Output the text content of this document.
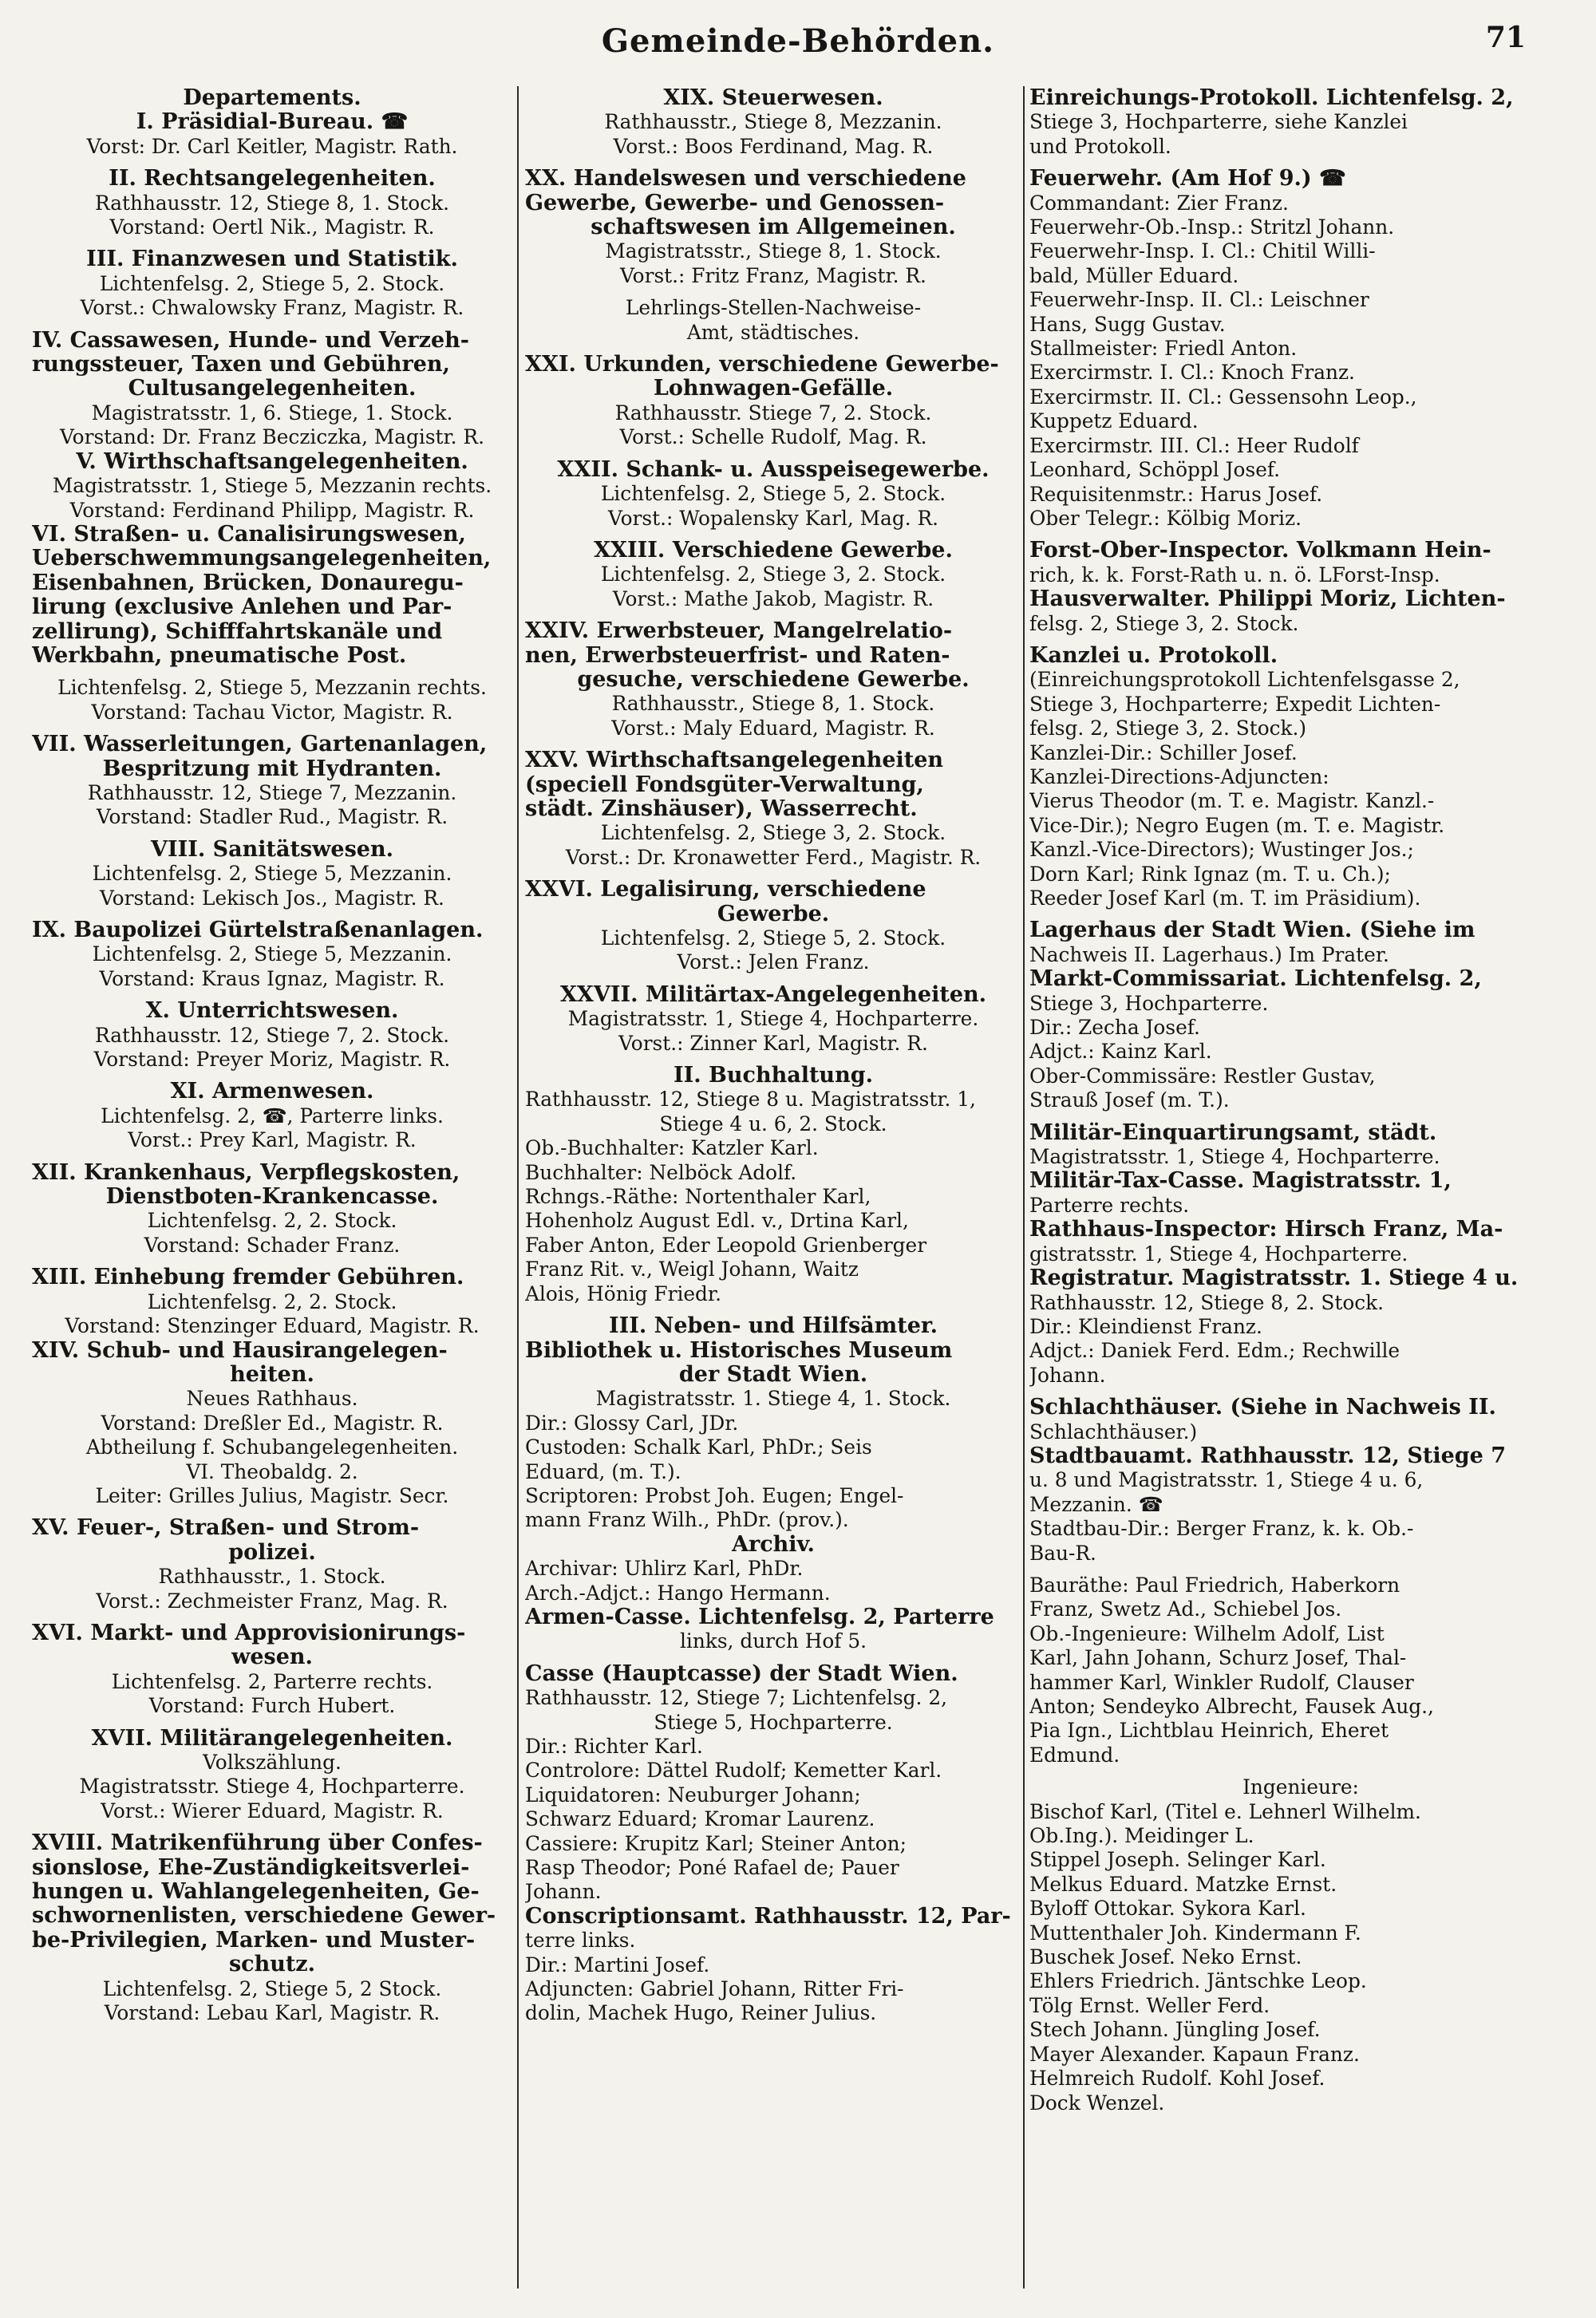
Gemeinde-Behörden.	71
Departements.
I. Präsidial-Bureau. ☎
Vorst: Dr. Carl Keitler, Magistr. Rath.
II. Rechtsangelegenheiten.
Rathhausstr. 12, Stiege 8, 1. Stock.
Vorstand: Oertl Nik., Magistr. R.
III. Finanzwesen und Statistik.
Lichtenfelsg. 2, Stiege 5, 2. Stock.
Vorst.: Chwalowsky Franz, Magistr. R.
IV. Cassawesen, Hunde- und Verzeh-
rungssteuer, Taxen und Gebühren,
Cultusangelegenheiten.
Magistratsstr. 1, 6. Stiege, 1. Stock.
Vorstand: Dr. Franz Becziczka, Magistr. R.
V. Wirthschaftsangelegenheiten.
Magistratsstr. 1, Stiege 5, Mezzanin rechts.
Vorstand: Ferdinand Philipp, Magistr. R.
VI. Straßen- u. Canalisirungswesen,
Ueberschwemmungsangelegenheiten,
Eisenbahnen, Brücken, Donauregu-
lirung (exclusive Anlehen und Par-
zellirung), Schifffahrtskanäle und
Werkbahn, pneumatische Post.
Lichtenfelsg. 2, Stiege 5, Mezzanin rechts.
Vorstand: Tachau Victor, Magistr. R.
VII. Wasserleitungen, Gartenanlagen,
Bespritzung mit Hydranten.
Rathhausstr. 12, Stiege 7, Mezzanin.
Vorstand: Stadler Rud., Magistr. R.
VIII. Sanitätswesen.
Lichtenfelsg. 2, Stiege 5, Mezzanin.
Vorstand: Lekisch Jos., Magistr. R.
IX. Baupolizei Gürtelstraßenanlagen.
Lichtenfelsg. 2, Stiege 5, Mezzanin.
Vorstand: Kraus Ignaz, Magistr. R.
X. Unterrichtswesen.
Rathhausstr. 12, Stiege 7, 2. Stock.
Vorstand: Preyer Moriz, Magistr. R.
XI. Armenwesen.
Lichtenfelsg. 2, ☎, Parterre links.
Vorst.: Prey Karl, Magistr. R.
XII. Krankenhaus, Verpflegskosten,
Dienstboten-Krankencasse.
Lichtenfelsg. 2, 2. Stock.
Vorstand: Schader Franz.
XIII. Einhebung fremder Gebühren.
Lichtenfelsg. 2, 2. Stock.
Vorstand: Stenzinger Eduard, Magistr. R.
XIV. Schub- und Hausirangelegen-
heiten.
Neues Rathhaus.
Vorstand: Dreßler Ed., Magistr. R.
Abtheilung f. Schubangelegenheiten.
VI. Theobaldg. 2.
Leiter: Grilles Julius, Magistr. Secr.
XV. Feuer-, Straßen- und Strom-
polizei.
Rathhausstr., 1. Stock.
Vorst.: Zechmeister Franz, Mag. R.
XVI. Markt- und Approvisionirungs-
wesen.
Lichtenfelsg. 2, Parterre rechts.
Vorstand: Furch Hubert.
XVII. Militärangelegenheiten.
Volkszählung.
Magistratsstr. Stiege 4, Hochparterre.
Vorst.: Wierer Eduard, Magistr. R.
XVIII. Matrikenführung über Confes-
sionslose, Ehe-Zuständigkeitsverlei-
hungen u. Wahlangelegenheiten, Ge-
schwornenlisten, verschiedene Gewer-
be-Privilegien, Marken- und Muster-
schutz.
Lichtenfelsg. 2, Stiege 5, 2 Stock.
Vorstand: Lebau Karl, Magistr. R.
XIX. Steuerwesen.
Rathhausstr., Stiege 8, Mezzanin.
Vorst.: Boos Ferdinand, Mag. R.
XX. Handelswesen und verschiedene
Gewerbe, Gewerbe- und Genossen-
schaftswesen im Allgemeinen.
Magistratsstr., Stiege 8, 1. Stock.
Vorst.: Fritz Franz, Magistr. R.
Lehrlings-Stellen-Nachweise-
Amt, städtisches.
XXI. Urkunden, verschiedene Gewerbe-
Lohnwagen-Gefälle.
Rathhausstr. Stiege 7, 2. Stock.
Vorst.: Schelle Rudolf, Mag. R.
XXII. Schank- u. Ausspeisegewerbe.
Lichtenfelsg. 2, Stiege 5, 2. Stock.
Vorst.: Wopalensky Karl, Mag. R.
XXIII. Verschiedene Gewerbe.
Lichtenfelsg. 2, Stiege 3, 2. Stock.
Vorst.: Mathe Jakob, Magistr. R.
XXIV. Erwerbsteuer, Mangelrelatio-
nen, Erwerbsteuerfrist- und Raten-
gesuche, verschiedene Gewerbe.
Rathhausstr., Stiege 8, 1. Stock.
Vorst.: Maly Eduard, Magistr. R.
XXV. Wirthschaftsangelegenheiten
(speciell Fondsgüter-Verwaltung,
städt. Zinshäuser), Wasserrecht.
Lichtenfelsg. 2, Stiege 3, 2. Stock.
Vorst.: Dr. Kronawetter Ferd., Magistr. R.
XXVI. Legalisirung, verschiedene
Gewerbe.
Lichtenfelsg. 2, Stiege 5, 2. Stock.
Vorst.: Jelen Franz.
XXVII. Militärtax-Angelegenheiten.
Magistratsstr. 1, Stiege 4, Hochparterre.
Vorst.: Zinner Karl, Magistr. R.
II. Buchhaltung.
Rathhausstr. 12, Stiege 8 u. Magistratsstr. 1,
Stiege 4 u. 6, 2. Stock.
Ob.-Buchhalter: Katzler Karl.
Buchhalter: Nelböck Adolf.
Rchngs.-Räthe: Nortenthaler Karl,
Hohenholz August Edl. v., Drtina Karl,
Faber Anton, Eder Leopold Grienberger
Franz Rit. v., Weigl Johann, Waitz
Alois, Hönig Friedr.
III. Neben- und Hilfsämter.
Bibliothek u. Historisches Museum
der Stadt Wien.
Magistratsstr. 1. Stiege 4, 1. Stock.
Dir.: Glossy Carl, JDr.
Custoden: Schalk Karl, PhDr.; Seis
Eduard, (m. T.).
Scriptoren: Probst Joh. Eugen; Engel-
mann Franz Wilh., PhDr. (prov.).
Archiv.
Archivar: Uhlirz Karl, PhDr.
Arch.-Adjct.: Hango Hermann.
Armen-Casse. Lichtenfelsg. 2, Parterre
links, durch Hof 5.
Casse (Hauptcasse) der Stadt Wien.
Rathhausstr. 12, Stiege 7; Lichtenfelsg. 2,
Stiege 5, Hochparterre.
Dir.: Richter Karl.
Controlore: Dättel Rudolf; Kemetter Karl.
Liquidatoren: Neuburger Johann;
Schwarz Eduard; Kromar Laurenz.
Cassiere: Krupitz Karl; Steiner Anton;
Rasp Theodor; Poné Rafael de; Pauer
Johann.
Conscriptionsamt. Rathhausstr. 12, Par-
terre links.
Dir.: Martini Josef.
Adjuncten: Gabriel Johann, Ritter Fri-
dolin, Machek Hugo, Reiner Julius.
Einreichungs-Protokoll. Lichtenfelsg. 2,
Stiege 3, Hochparterre, siehe Kanzlei
und Protokoll.
Feuerwehr. (Am Hof 9.) ☎
Commandant: Zier Franz.
Feuerwehr-Ob.-Insp.: Stritzl Johann.
Feuerwehr-Insp. I. Cl.: Chitil Willi-
bald, Müller Eduard.
Feuerwehr-Insp. II. Cl.: Leischner
Hans, Sugg Gustav.
Stallmeister: Friedl Anton.
Exercirmstr. I. Cl.: Knoch Franz.
Exercirmstr. II. Cl.: Gessensohn Leop.,
Kuppetz Eduard.
Exercirmstr. III. Cl.: Heer Rudolf
Leonhard, Schöppl Josef.
Requisitenmstr.: Harus Josef.
Ober Telegr.: Kölbig Moriz.
Forst-Ober-Inspector. Volkmann Hein-
rich, k. k. Forst-Rath u. n. ö. LForst-Insp.
Hausverwalter. Philippi Moriz, Lichten-
felsg. 2, Stiege 3, 2. Stock.
Kanzlei u. Protokoll.
(Einreichungsprotokoll Lichtenfelsgasse 2,
Stiege 3, Hochparterre; Expedit Lichten-
felsg. 2, Stiege 3, 2. Stock.)
Kanzlei-Dir.: Schiller Josef.
Kanzlei-Directions-Adjuncten:
Vierus Theodor (m. T. e. Magistr. Kanzl.-
Vice-Dir.); Negro Eugen (m. T. e. Magistr.
Kanzl.-Vice-Directors); Wustinger Jos.;
Dorn Karl; Rink Ignaz (m. T. u. Ch.);
Reeder Josef Karl (m. T. im Präsidium).
Lagerhaus der Stadt Wien. (Siehe im
Nachweis II. Lagerhaus.) Im Prater.
Markt-Commissariat. Lichtenfelsg. 2,
Stiege 3, Hochparterre.
Dir.: Zecha Josef.
Adjct.: Kainz Karl.
Ober-Commissäre: Restler Gustav,
Strauß Josef (m. T.).
Militär-Einquartirungsamt, städt.
Magistratsstr. 1, Stiege 4, Hochparterre.
Militär-Tax-Casse. Magistratsstr. 1,
Parterre rechts.
Rathhaus-Inspector: Hirsch Franz, Ma-
gistratsstr. 1, Stiege 4, Hochparterre.
Registratur. Magistratsstr. 1. Stiege 4 u.
Rathhausstr. 12, Stiege 8, 2. Stock.
Dir.: Kleindienst Franz.
Adjct.: Daniek Ferd. Edm.; Rechwille
Johann.
Schlachthäuser. (Siehe in Nachweis II.
Schlachthäuser.)
Stadtbauamt. Rathhausstr. 12, Stiege 7
u. 8 und Magistratsstr. 1, Stiege 4 u. 6,
Mezzanin. ☎
Stadtbau-Dir.: Berger Franz, k. k. Ob.-
Bau-R.
Bauräthe: Paul Friedrich, Haberkorn
Franz, Swetz Ad., Schiebel Jos.
Ob.-Ingenieure: Wilhelm Adolf, List
Karl, Jahn Johann, Schurz Josef, Thal-
hammer Karl, Winkler Rudolf, Clauser
Anton; Sendeyko Albrecht, Fausek Aug.,
Pia Ign., Lichtblau Heinrich, Eheret
Edmund.
Ingenieure:
Bischof Karl, (Titel e. Lehnerl Wilhelm.
Ob.Ing.). Meidinger L.
Stippel Joseph. Selinger Karl.
Melkus Eduard. Matzke Ernst.
Byloff Ottokar. Sykora Karl.
Muttenthaler Joh. Kindermann F.
Buschek Josef. Neko Ernst.
Ehlers Friedrich. Jäntschke Leop.
Tölg Ernst. Weller Ferd.
Stech Johann. Jüngling Josef.
Mayer Alexander. Kapaun Franz.
Helmreich Rudolf. Kohl Josef.
Dock Wenzel.
